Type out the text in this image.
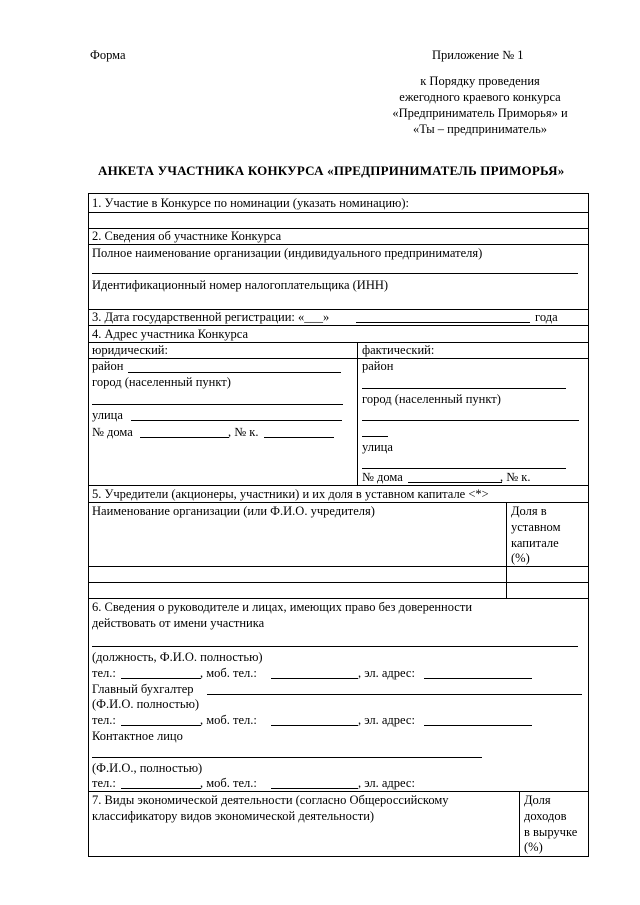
Форма	Приложение № 1
к Порядку проведения
ежегодного краевого конкурса
«Предприниматель Приморья» и
«Ты – предприниматель»
АНКЕТА УЧАСТНИКА КОНКУРСА «ПРЕДПРИНИМАТЕЛЬ ПРИМОРЬЯ»
1. Участие в Конкурсе по номинации (указать номинацию):
2. Сведения об участнике Конкурса
Полное наименование организации (индивидуального предпринимателя)
Идентификационный номер налогоплательщика (ИНН)
3. Дата государственной регистрации: «___»	года
4. Адрес участника Конкурса
юридический:
район
город (населенный пункт)
улица
№ дома	, № к.
фактический:
район
город (населенный пункт)
улица
№ дома	, № к.
5. Учредители (акционеры, участники) и их доля в уставном капитале <*>
Наименование организации (или Ф.И.О. учредителя)	Доля в
уставном
капитале
(%)
6. Сведения о руководителе и лицах, имеющих право без доверенности
действовать от имени участника
(должность, Ф.И.О. полностью)
тел.:	, моб. тел.:	, эл. адрес:
Главный бухгалтер
(Ф.И.О. полностью)
тел.:	, моб. тел.:	, эл. адрес:
Контактное лицо
(Ф.И.О., полностью)
тел.:	, моб. тел.:	, эл. адрес:
7. Виды экономической деятельности (согласно Общероссийскому
классификатору видов экономической деятельности)
Доля
доходов
в выручке
(%)
